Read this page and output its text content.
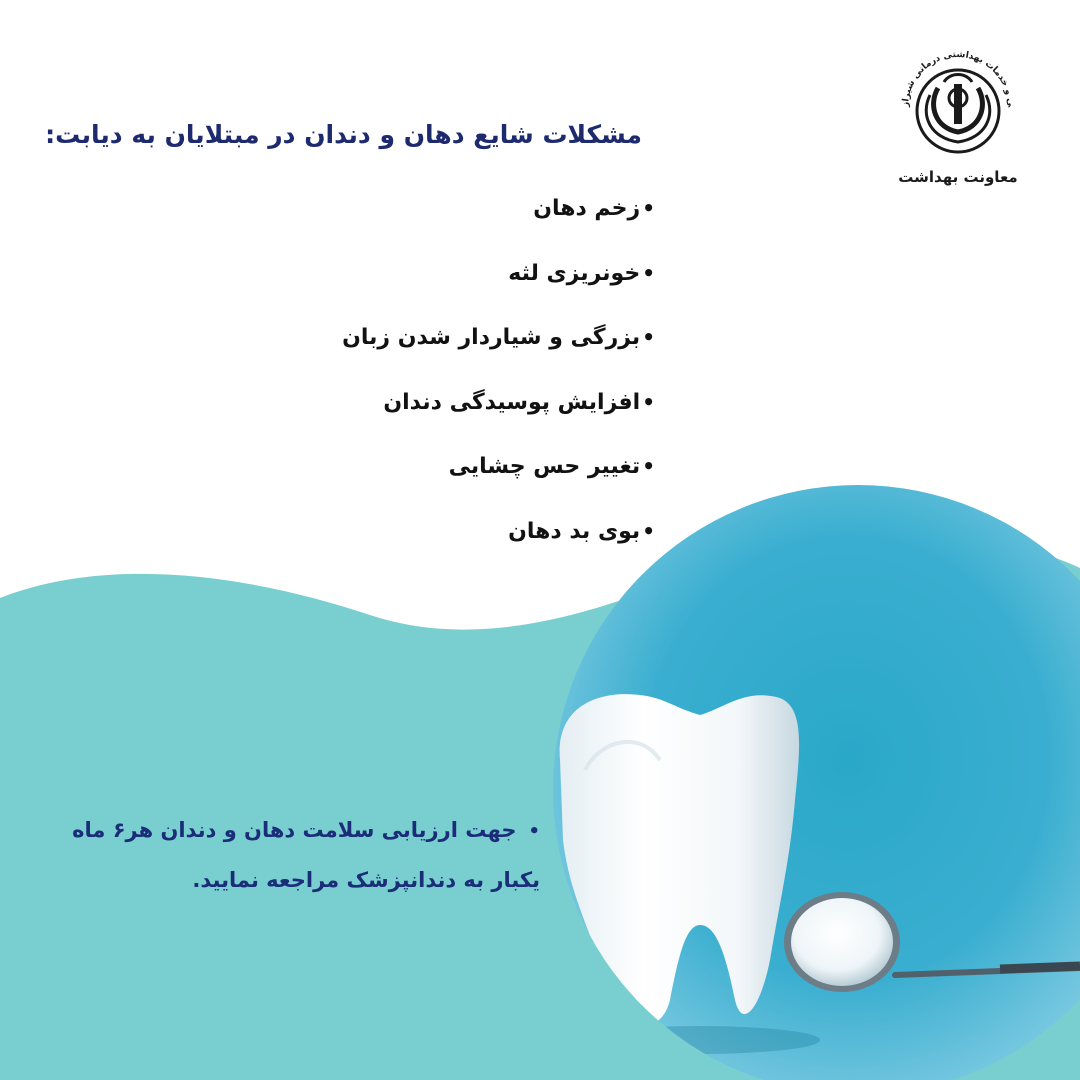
ی و خدمات بهداشتی درمانی شیراز
معاونت بهداشت
مشکلات شایع دهان و دندان در مبتلایان به دیابت:
•زخم دهان
•خونریزی لثه
•بزرگی و شیاردار شدن زبان
•افزایش پوسیدگی دندان
•تغییر حس چشایی
•بوی بد دهان
•جهت ارزیابی سلامت دهان و دندان هر۶ ماه
یکبار به دندانپزشک مراجعه نمایید.
